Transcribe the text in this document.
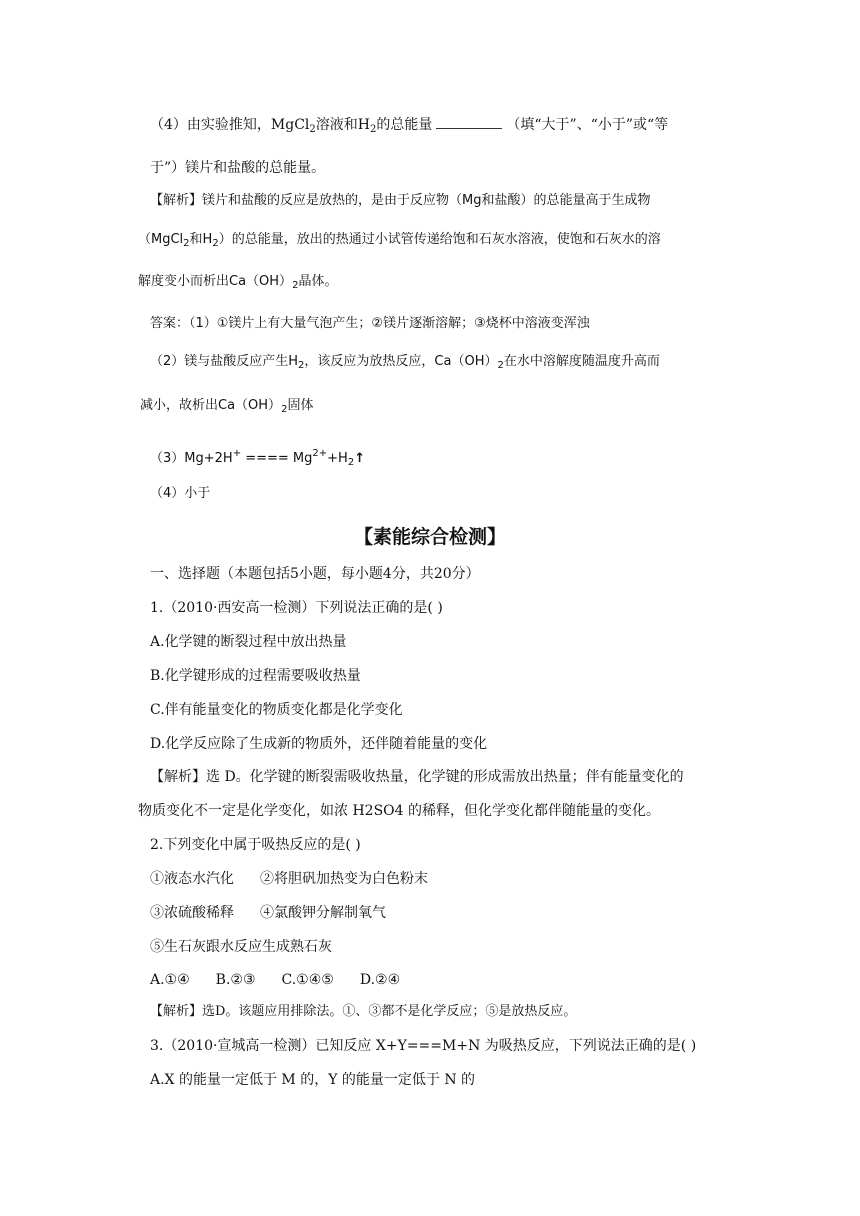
（4）由实验推知，MgCl$_2$溶液和$H_2$的总能量	（填“大于”、“小于”或“等
于”）镁片和盐酸的总能量。
【解析】镁片和盐酸的反应是放热的，是由于反应物（Mg和盐酸）的总能量高于生成物
（MgCl$_2$和$H_2$）的总能量，放出的热通过小试管传递给饱和石灰水溶液，使饱和石灰水的溶
解度变小而析出$Ca(OH)_2$晶体。
答案：（1）①镁片上有大量气泡产生；②镁片逐渐溶解；③烧杯中溶液变浑浊
（2）镁与盐酸反应产生$H_2$，该反应为放热反应，$Ca(OH)_2$在水中溶解度随温度升高而
减小，故析出$Ca(OH)_2$固体
（3）Mg+2H+ ==== $Mg^{2+}+H_2↑$
（4）小于
【素能综合检测】
一、选择题（本题包括5小题，每小题4分，共20分）
1.（2010·西安高一检测）下列说法正确的是( )
A.化学键的断裂过程中放出热量
B.化学键形成的过程需要吸收热量
C.伴有能量变化的物质变化都是化学变化
D.化学反应除了生成新的物质外，还伴随着能量的变化
【解析】选 D。化学键的断裂需吸收热量，化学键的形成需放出热量；伴有能量变化的
物质变化不一定是化学变化，如浓 H2SO4 的稀释，但化学变化都伴随能量的变化。
2.下列变化中属于吸热反应的是( )
①液态水汽化 ②将胆矾加热变为白色粉末
③浓硫酸稀释 ④氯酸钾分解制氧气
⑤生石灰跟水反应生成熟石灰
A.①④ B.②③ C.①④⑤ D.②④
【解析】选D。该题应用排除法。①、③都不是化学反应；⑤是放热反应。
3.（2010·宣城高一检测）已知反应 X+Y===M+N 为吸热反应，下列说法正确的是( )
A.X 的能量一定低于 M 的，Y 的能量一定低于 N 的
